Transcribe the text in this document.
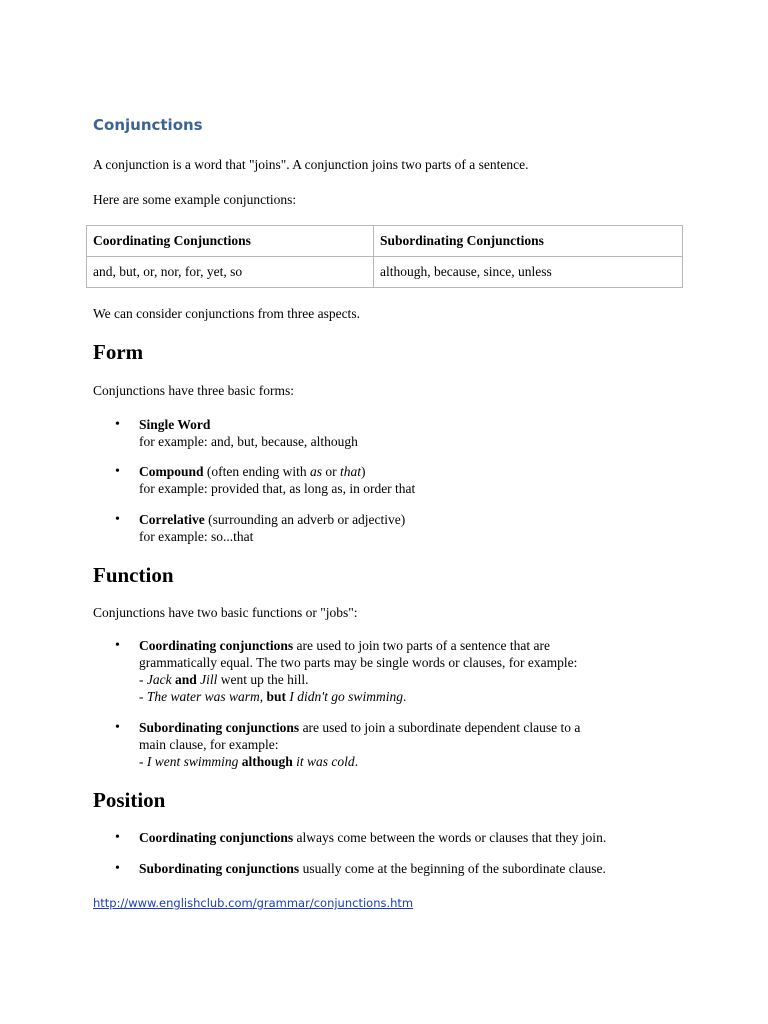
Conjunctions
A conjunction is a word that "joins". A conjunction joins two parts of a sentence.
Here are some example conjunctions:
Coordinating Conjunctions	Subordinating Conjunctions
and, but, or, nor, for, yet, so	although, because, since, unless
We can consider conjunctions from three aspects.
Form
Conjunctions have three basic forms:
• Single Word
for example: and, but, because, although
• Compound (often ending with as or that)
for example: provided that, as long as, in order that
• Correlative (surrounding an adverb or adjective)
for example: so...that
Function
Conjunctions have two basic functions or "jobs":
• Coordinating conjunctions are used to join two parts of a sentence that are
grammatically equal. The two parts may be single words or clauses, for example:
- Jack and Jill went up the hill.
- The water was warm, but I didn't go swimming.
• Subordinating conjunctions are used to join a subordinate dependent clause to a
main clause, for example:
- I went swimming although it was cold.
Position
• Coordinating conjunctions always come between the words or clauses that they join.
• Subordinating conjunctions usually come at the beginning of the subordinate clause.
http://www.englishclub.com/grammar/conjunctions.htm
